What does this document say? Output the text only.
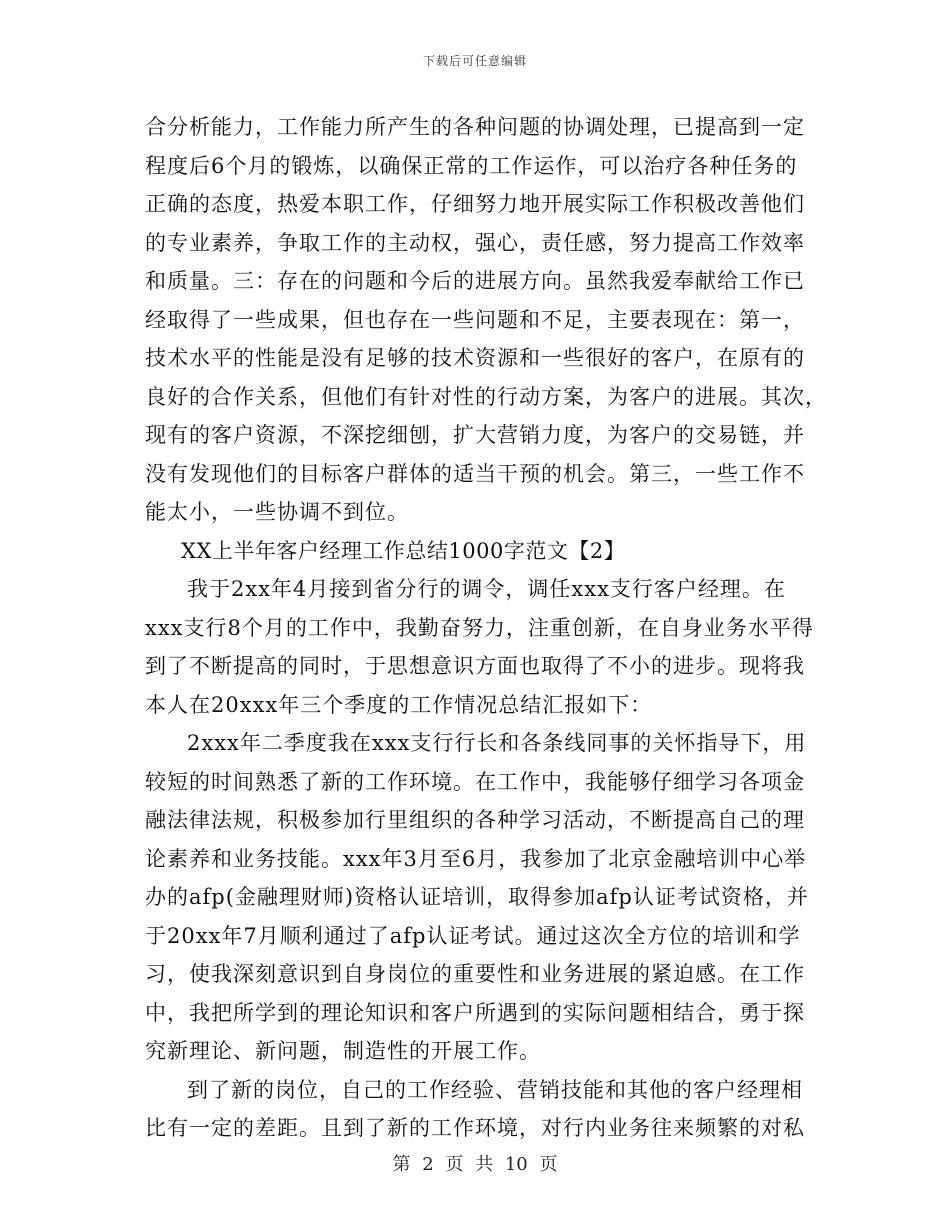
下载后可任意编辑
合分析能力，工作能力所产生的各种问题的协调处理，已提高到一定
程度后6个月的锻炼，以确保正常的工作运作，可以治疗各种任务的
正确的态度，热爱本职工作，仔细努力地开展实际工作积极改善他们
的专业素养，争取工作的主动权，强心，责任感，努力提高工作效率
和质量。三：存在的问题和今后的进展方向。虽然我爱奉献给工作已
经取得了一些成果，但也存在一些问题和不足，主要表现在：第一，
技术水平的性能是没有足够的技术资源和一些很好的客户，在原有的
良好的合作关系，但他们有针对性的行动方案，为客户的进展。其次，
现有的客户资源，不深挖细刨，扩大营销力度，为客户的交易链，并
没有发现他们的目标客户群体的适当干预的机会。第三，一些工作不
能太小，一些协调不到位。
XX上半年客户经理工作总结1000字范文【2】
我于2xx年4月接到省分行的调令，调任xxx支行客户经理。在
xxx支行8个月的工作中，我勤奋努力，注重创新，在自身业务水平得
到了不断提高的同时，于思想意识方面也取得了不小的进步。现将我
本人在20xxx年三个季度的工作情况总结汇报如下：
2xxx年二季度我在xxx支行行长和各条线同事的关怀指导下，用
较短的时间熟悉了新的工作环境。在工作中，我能够仔细学习各项金
融法律法规，积极参加行里组织的各种学习活动，不断提高自己的理
论素养和业务技能。xxx年3月至6月，我参加了北京金融培训中心举
办的afp(金融理财师)资格认证培训，取得参加afp认证考试资格，并
于20xx年7月顺利通过了afp认证考试。通过这次全方位的培训和学
习，使我深刻意识到自身岗位的重要性和业务进展的紧迫感。在工作
中，我把所学到的理论知识和客户所遇到的实际问题相结合，勇于探
究新理论、新问题，制造性的开展工作。
到了新的岗位，自己的工作经验、营销技能和其他的客户经理相
比有一定的差距。且到了新的工作环境，对行内业务往来频繁的对私
第 2 页 共 10 页
